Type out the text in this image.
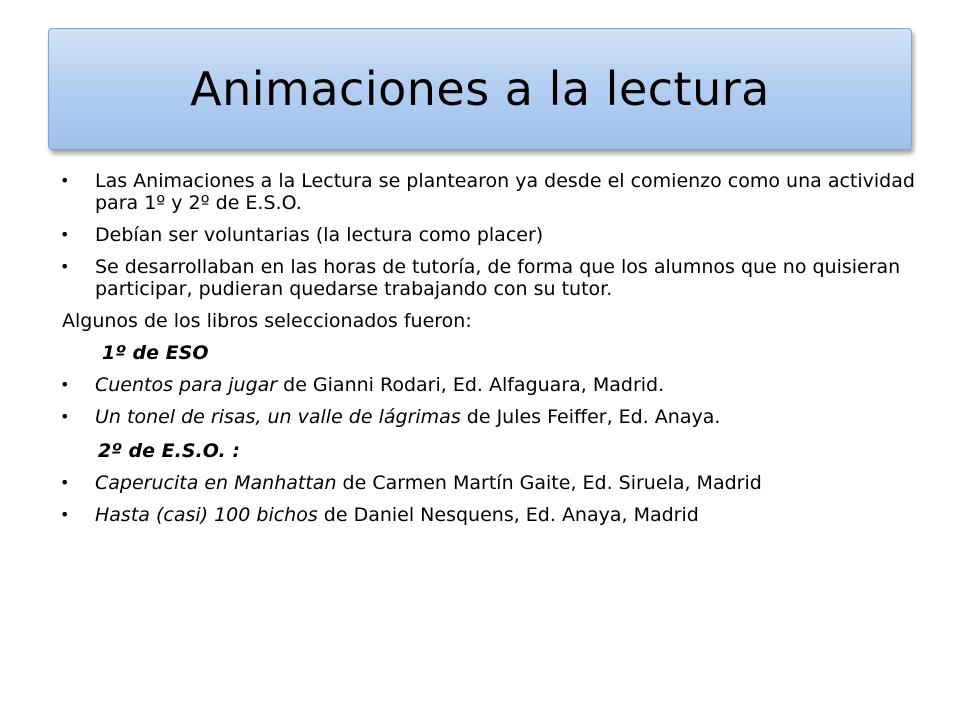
Animaciones a la lectura
• Las Animaciones a la Lectura se plantearon ya desde el comienzo como una actividad para 1º y 2º de E.S.O.
• Debían ser voluntarias (la lectura como placer)
• Se desarrollaban en las horas de tutoría, de forma que los alumnos que no quisieran participar, pudieran quedarse trabajando con su tutor.
Algunos de los libros seleccionados fueron:
1º de ESO
• Cuentos para jugar de Gianni Rodari, Ed. Alfaguara, Madrid.
• Un tonel de risas, un valle de lágrimas de Jules Feiffer, Ed. Anaya.
2º de E.S.O. :
• Caperucita en Manhattan de Carmen Martín Gaite, Ed. Siruela, Madrid
• Hasta (casi) 100 bichos de Daniel Nesquens, Ed. Anaya, Madrid
